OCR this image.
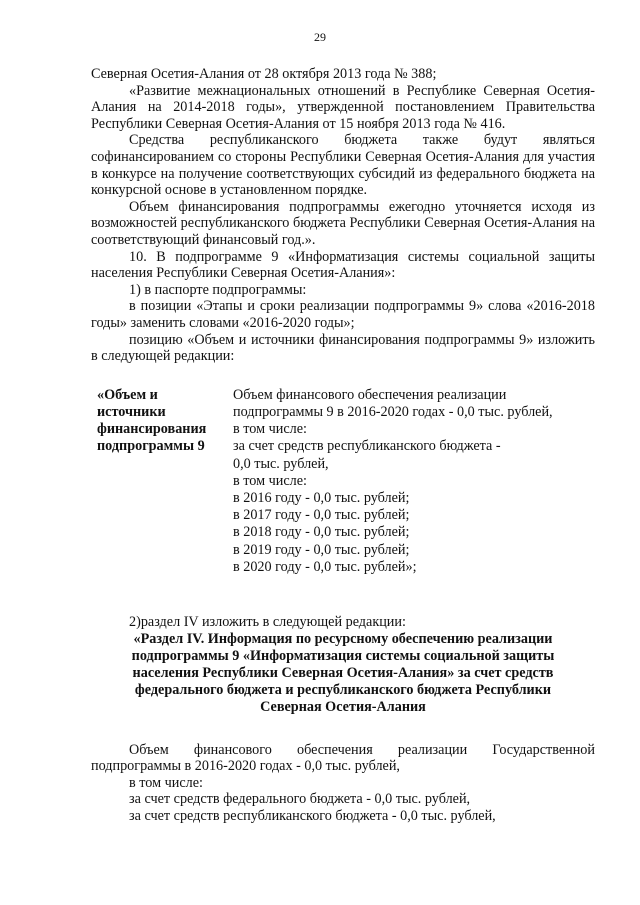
29

Северная Осетия-Алания от 28 октября 2013 года № 388;

«Развитие межнациональных отношений в Республике Северная Осетия-Алания на 2014-2018 годы», утвержденной постановлением Правительства Республики Северная Осетия-Алания от 15 ноября 2013 года № 416.

Средства республиканского бюджета также будут являться софинансированием со стороны Республики Северная Осетия-Алания для участия в конкурсе на получение соответствующих субсидий из федерального бюджета на конкурсной основе в установленном порядке.

Объем финансирования подпрограммы ежегодно уточняется исходя из возможностей республиканского бюджета Республики Северная Осетия-Алания на соответствующий финансовый год.».

10. В подпрограмме 9 «Информатизация системы социальной защиты населения Республики Северная Осетия-Алания»:

1) в паспорте подпрограммы:

в позиции «Этапы и сроки реализации подпрограммы 9» слова «2016-2018 годы» заменить словами «2016-2020 годы»;

позицию «Объем и источники финансирования подпрограммы 9» изложить в следующей редакции:

«Объем и
источники
финансирования
подпрограммы 9
Объем финансового обеспечения реализации
подпрограммы 9 в 2016-2020 годах - 0,0 тыс. рублей,
в том числе:
за счет средств республиканского бюджета -
0,0 тыс. рублей,
в том числе:
в 2016 году - 0,0 тыс. рублей;
в 2017 году - 0,0 тыс. рублей;
в 2018 году - 0,0 тыс. рублей;
в 2019 году - 0,0 тыс. рублей;
в 2020 году - 0,0 тыс. рублей»;

2)раздел IV изложить в следующей редакции:

«Раздел IV. Информация по ресурсному обеспечению реализации подпрограммы 9 «Информатизация системы социальной защиты населения Республики Северная Осетия-Алания» за счет средств федерального бюджета и республиканского бюджета Республики Северная Осетия-Алания

Объем финансового обеспечения реализации Государственной подпрограммы в 2016-2020 годах - 0,0 тыс. рублей,

в том числе:

за счет средств федерального бюджета - 0,0 тыс. рублей,

за счет средств республиканского бюджета - 0,0 тыс. рублей,
